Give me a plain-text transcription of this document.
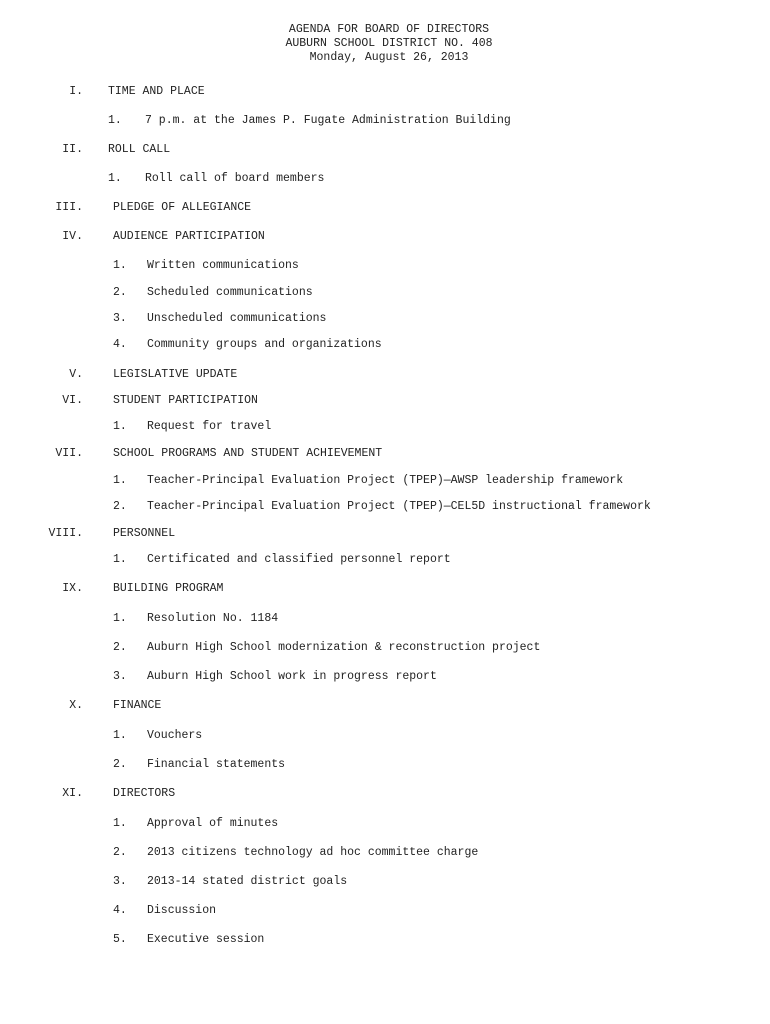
AGENDA FOR BOARD OF DIRECTORS
AUBURN SCHOOL DISTRICT NO. 408
Monday, August 26, 2013
I. TIME AND PLACE
1. 7 p.m. at the James P. Fugate Administration Building
II. ROLL CALL
1. Roll call of board members
III.	PLEDGE OF ALLEGIANCE
IV.	AUDIENCE PARTICIPATION
1. Written communications
2. Scheduled communications
3. Unscheduled communications
4. Community groups and organizations
V.	LEGISLATIVE UPDATE
VI.	STUDENT PARTICIPATION
1. Request for travel
VII.	SCHOOL PROGRAMS AND STUDENT ACHIEVEMENT
1. Teacher-Principal Evaluation Project (TPEP)—AWSP leadership framework
2. Teacher-Principal Evaluation Project (TPEP)—CEL5D instructional framework
VIII.	PERSONNEL
1. Certificated and classified personnel report
IX.	BUILDING PROGRAM
1. Resolution No. 1184
2. Auburn High School modernization & reconstruction project
3. Auburn High School work in progress report
X.	FINANCE
1. Vouchers
2. Financial statements
XI.	DIRECTORS
1. Approval of minutes
2. 2013 citizens technology ad hoc committee charge
3. 2013-14 stated district goals
4. Discussion
5. Executive session
